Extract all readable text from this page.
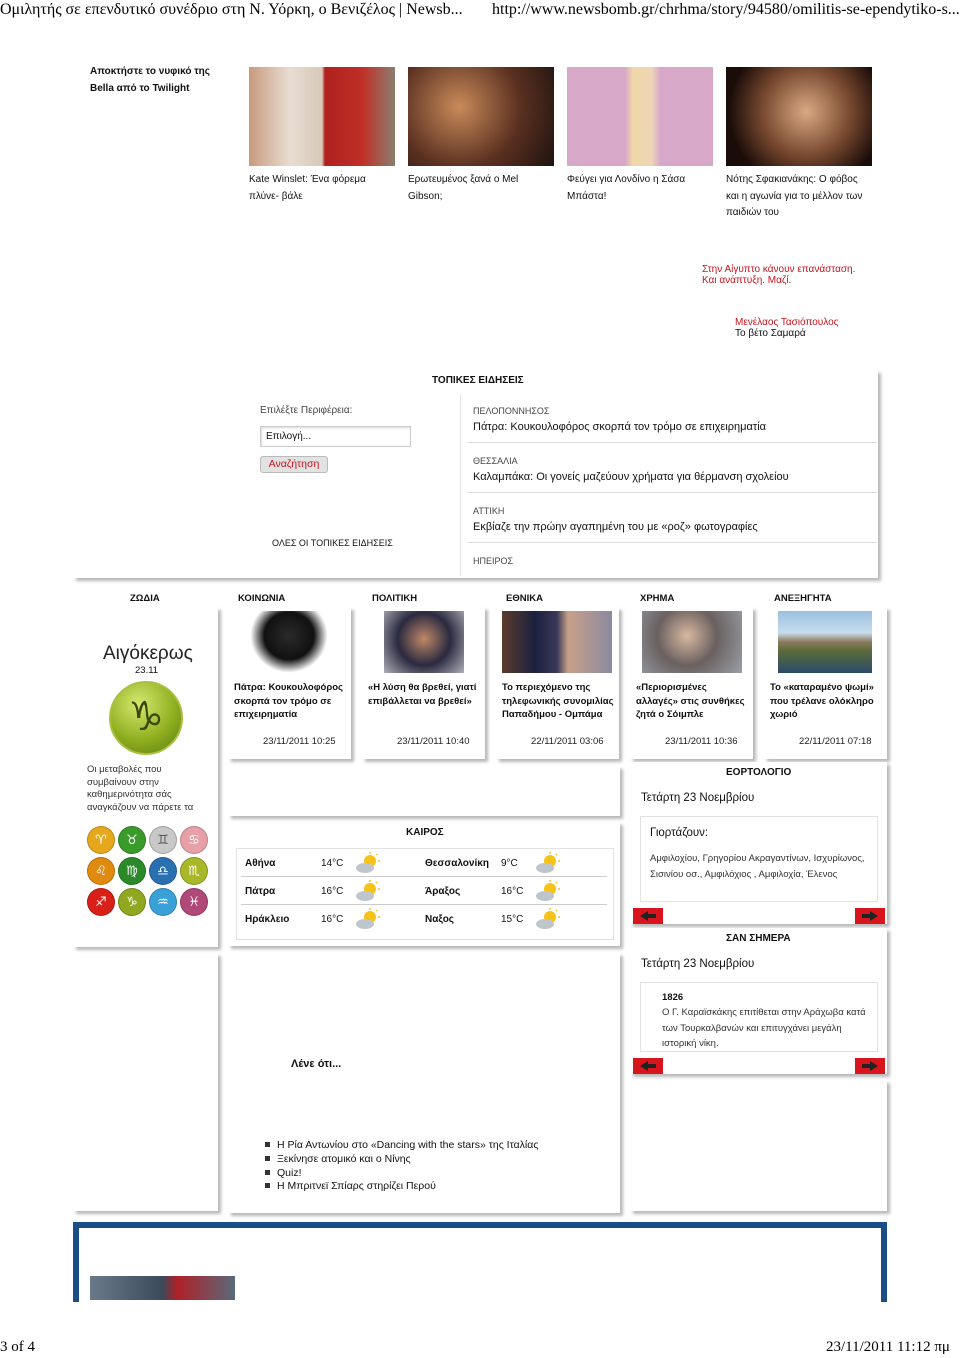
Ομιλητής σε επενδυτικό συνέδριο στη Ν. Υόρκη, ο Βενιζέλος | Newsb... http://www.newsbomb.gr/chrhma/story/94580/omilitis-se-ependytiko-s...
Αποκτήστε το νυφικό της Bella από το Twilight
Kate Winslet: Ένα φόρεμα πλύνε- βάλε
Ερωτευμένος ξανά ο Mel Gibson;
Φεύγει για Λονδίνο η Σάσα Μπάστα!
Νότης Σφακιανάκης: Ο φόβος και η αγωνία για το μέλλον των παιδιών του
Στην Αίγυπτο κάνουν επανάσταση.
Και ανάπτυξη. Μαζί.
Μενέλαος Τασιόπουλος
Το βέτο Σαμαρά
ΤΟΠΙΚΕΣ ΕΙΔΗΣΕΙΣ
Επιλέξτε Περιφέρεια:
Επιλογή...
Αναζήτηση
ΟΛΕΣ ΟΙ ΤΟΠΙΚΕΣ ΕΙΔΗΣΕΙΣ
ΠΕΛΟΠΟΝΝΗΣΟΣ
Πάτρα: Κουκουλοφόρος σκορπά τον τρόμο σε επιχειρηματία
ΘΕΣΣΑΛΙΑ
Καλαμπάκα: Οι γονείς μαζεύουν χρήματα για θέρμανση σχολείου
ΑΤΤΙΚΗ
Εκβίαζε την πρώην αγαπημένη του με «ροζ» φωτογραφίες
ΗΠΕΙΡΟΣ
ΖΩΔΙΑ	ΚΟΙΝΩΝΙΑ	ΠΟΛΙΤΙΚΗ	ΕΘΝΙΚΑ	ΧΡΗΜΑ	ΑΝΕΞΗΓΗΤΑ
Αιγόκερως
23.11
♑
Οι μεταβολές που συμβαίνουν στην καθημερινότητα σάς αναγκάζουν να πάρετε τα
♈	♉	♊	♋
♌	♍	♎	♏
♐	♑	♒	♓
Πάτρα: Κουκουλοφόρος σκορπά τον τρόμο σε επιχειρηματία
23/11/2011 10:25
«Η λύση θα βρεθεί, γιατί επιβάλλεται να βρεθεί»
23/11/2011 10:40
Το περιεχόμενο της τηλεφωνικής συνομιλίας Παπαδήμου - Ομπάμα
22/11/2011 03:06
«Περιορισμένες αλλαγές» στις συνθήκες ζητά ο Σόιμπλε
23/11/2011 10:36
Το «καταραμένο ψωμί» που τρέλανε ολόκληρο χωριό
22/11/2011 07:18
ΚΑΙΡΟΣ
Αθήνα	14°C	Θεσσαλονίκη 9°C
Πάτρα	16°C	Άραξος	16°C
Ηράκλειο	16°C	Ναξος	15°C
ΕΟΡΤΟΛΟΓΙΟ
Τετάρτη 23 Νοεμβρίου
Γιορτάζουν:
Αμφιλοχίου, Γρηγορίου Ακραγαντίνων, Ισχυρίωνος, Σισινίου οσ., Αμφιλόχιος , Αμφιλοχία, Έλενος
ΣΑΝ ΣΗΜΕΡΑ
Τετάρτη 23 Νοεμβρίου
1826
Ο Γ. Καραϊσκάκης επιτίθεται στην Αράχωβα κατά των Τουρκαλβανών και επιτυγχάνει μεγάλη ιστορική νίκη.
Λένε ότι...
Η Ρία Αντωνίου στο «Dancing with the stars» της Ιταλίας
Ξεκίνησε ατομικό και ο Νίνης
Quiz!
Η Μπριτνεϊ Σπίαρς στηρίζει Περού
3 of 4	23/11/2011 11:12 πμ
